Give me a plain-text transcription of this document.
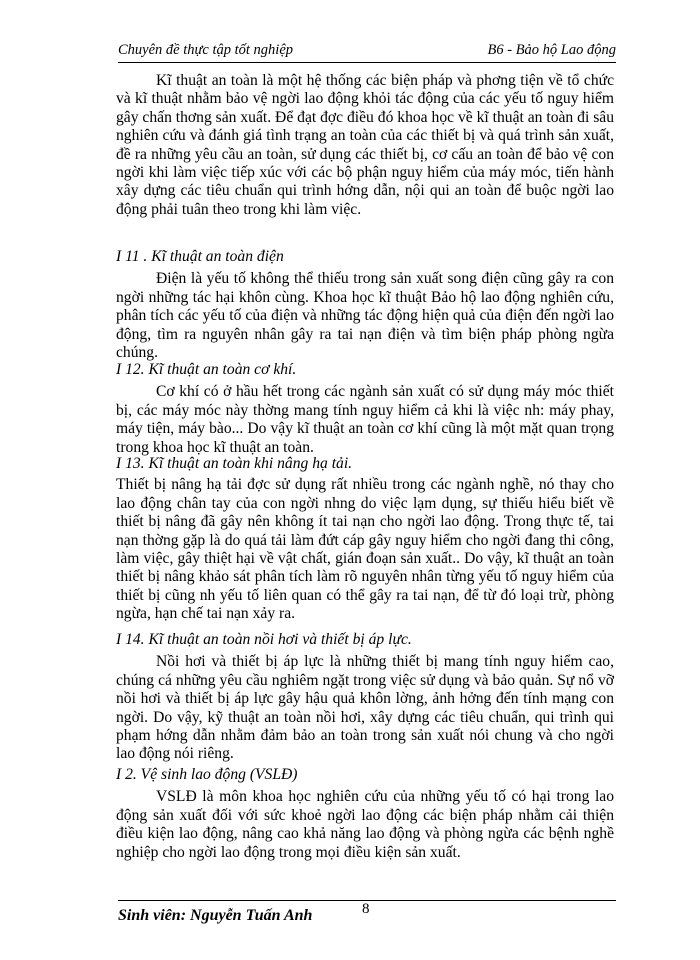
Chuyên đề thực tập tốt nghiệp	B6 - Bảo hộ Lao động

Kĩ thuật an toàn là một hệ thống các biện pháp và phơng tiện về tổ chức và kĩ thuật nhằm bảo vệ ngời lao động khỏi tác động của các yếu tố nguy hiểm gây chấn thơng sản xuất. Để đạt đợc điều đó khoa học về kĩ thuật an toàn đi sâu nghiên cứu và đánh giá tình trạng an toàn của các thiết bị và quá trình sản xuất, đề ra những yêu cầu an toàn, sử dụng các thiết bị, cơ cấu an toàn để bảo vệ con ngời khi làm việc tiếp xúc với các bộ phận nguy hiểm của máy móc, tiến hành xây dựng các tiêu chuẩn qui trình hớng dẫn, nội qui an toàn để buộc ngời lao động phải tuân theo trong khi làm việc.

I 11 . Kĩ thuật an toàn điện

Điện là yếu tố không thể thiếu trong sản xuất song điện cũng gây ra con ngời những tác hại khôn cùng. Khoa học kĩ thuật Bảo hộ lao động nghiên cứu, phân tích các yếu tố của điện và những tác động hiện quả của điện đến ngời lao động, tìm ra nguyên nhân gây ra tai nạn điện và tìm biện pháp phòng ngừa chúng.

I 12. Kĩ thuật an toàn cơ khí.

Cơ khí có ở hầu hết trong các ngành sản xuất có sử dụng máy móc thiết bị, các máy móc này thờng mang tính nguy hiểm cả khi là việc nh: máy phay, máy tiện, máy bào... Do vậy kĩ thuật an toàn cơ khí cũng là một mặt quan trọng trong khoa học kĩ thuật an toàn.

I 13. Kĩ thuật an toàn khi nâng hạ tải.

Thiết bị nâng hạ tải đợc sử dụng rất nhiều trong các ngành nghề, nó thay cho lao động chân tay của con ngời nhng do việc lạm dụng, sự thiếu hiểu biết về thiết bị nâng đã gây nên không ít tai nạn cho ngời lao động. Trong thực tế, tai nạn thờng gặp là do quá tải làm đứt cáp gây nguy hiểm cho ngời đang thi công, làm việc, gây thiệt hại về vật chất, gián đoạn sản xuất.. Do vậy, kĩ thuật an toàn thiết bị nâng khảo sát phân tích làm rõ nguyên nhân từng yếu tố nguy hiểm của thiết bị cũng nh yếu tố liên quan có thể gây ra tai nạn, để từ đó loại trừ, phòng ngừa, hạn chế tai nạn xảy ra.

I 14. Kĩ thuật an toàn nồi hơi và thiết bị áp lực.

Nồi hơi và thiết bị áp lực là những thiết bị mang tính nguy hiểm cao, chúng cá những yêu cầu nghiêm ngặt trong việc sử dụng và bảo quản. Sự nổ vỡ nồi hơi và thiết bị áp lực gây hậu quả khôn lờng, ảnh hởng đến tính mạng con ngời. Do vậy, kỹ thuật an toàn nồi hơi, xây dựng các tiêu chuẩn, qui trình qui phạm hớng dẫn nhằm đảm bảo an toàn trong sản xuất nói chung và cho ngời lao động nói riêng.

I 2. Vệ sinh lao động (VSLĐ)

VSLĐ là môn khoa học nghiên cứu của những yếu tố có hại trong lao động sản xuất đối với sức khoẻ ngời lao động các biện pháp nhằm cải thiện điều kiện lao động, nâng cao khả năng lao động và phòng ngừa các bệnh nghề nghiệp cho ngời lao động trong mọi điều kiện sản xuất.

Sinh viên: Nguyễn Tuấn Anh	8
